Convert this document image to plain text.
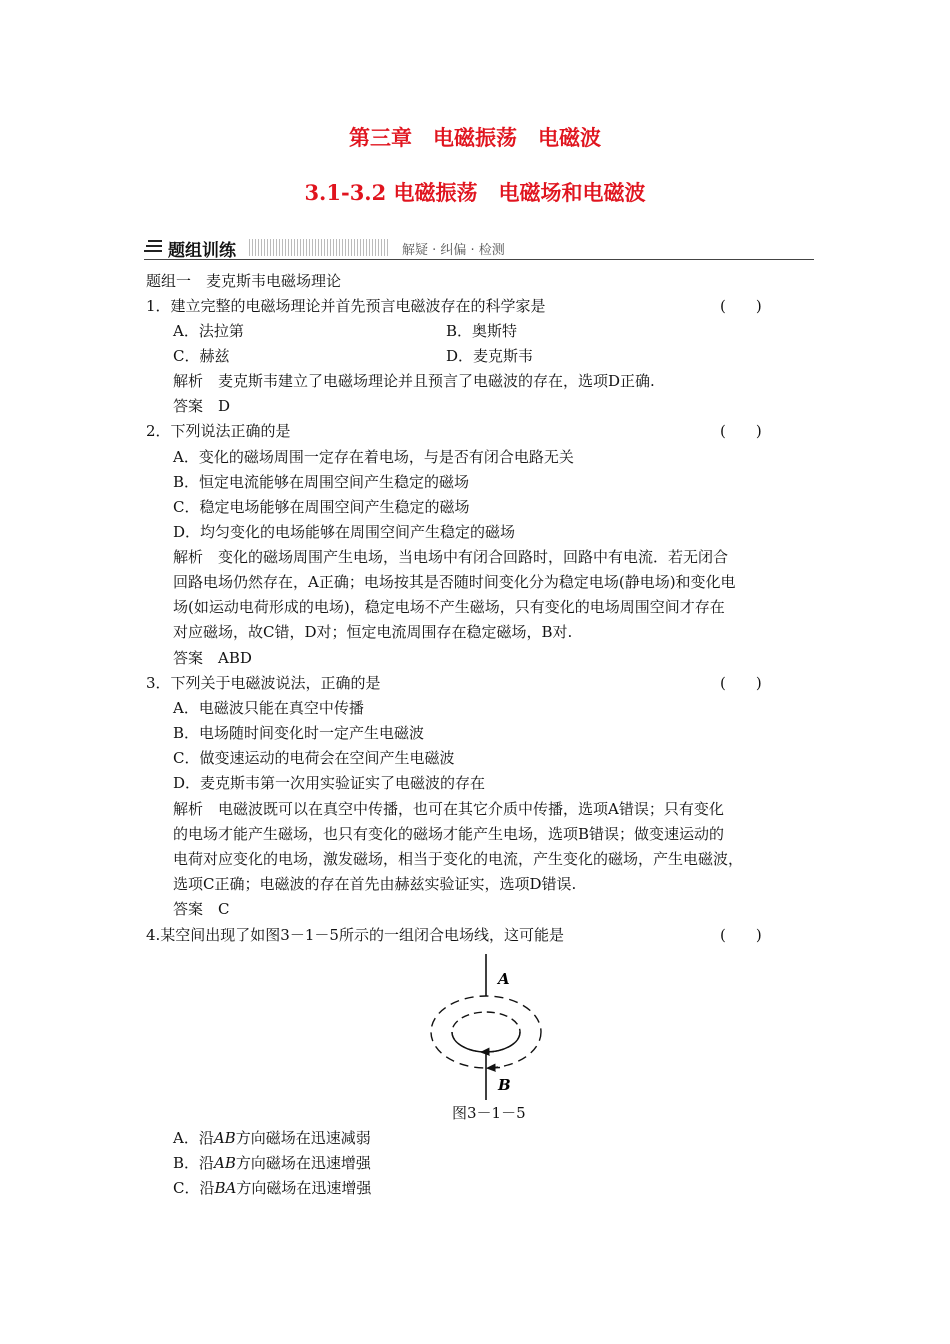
第三章　电磁振荡　电磁波
3.1-3.2 电磁振荡　电磁场和电磁波
题组训练	解疑 · 纠偏 · 检测
题组一　麦克斯韦电磁场理论
1．建立完整的电磁场理论并首先预言电磁波存在的科学家是	(　　)
A．法拉第	B．奥斯特
C．赫兹	D．麦克斯韦
解析　麦克斯韦建立了电磁场理论并且预言了电磁波的存在，选项D正确.
答案　D
2．下列说法正确的是	(　　)
A．变化的磁场周围一定存在着电场，与是否有闭合电路无关
B．恒定电流能够在周围空间产生稳定的磁场
C．稳定电场能够在周围空间产生稳定的磁场
D．均匀变化的电场能够在周围空间产生稳定的磁场
解析　变化的磁场周围产生电场，当电场中有闭合回路时，回路中有电流．若无闭合
回路电场仍然存在，A正确；电场按其是否随时间变化分为稳定电场(静电场)和变化电
场(如运动电荷形成的电场)，稳定电场不产生磁场，只有变化的电场周围空间才存在
对应磁场，故C错，D对；恒定电流周围存在稳定磁场，B对.
答案　ABD
3．下列关于电磁波说法，正确的是	(　　)
A．电磁波只能在真空中传播
B．电场随时间变化时一定产生电磁波
C．做变速运动的电荷会在空间产生电磁波
D．麦克斯韦第一次用实验证实了电磁波的存在
解析　电磁波既可以在真空中传播，也可在其它介质中传播，选项A错误；只有变化
的电场才能产生磁场，也只有变化的磁场才能产生电场，选项B错误；做变速运动的
电荷对应变化的电场，激发磁场，相当于变化的电流，产生变化的磁场，产生电磁波，
选项C正确；电磁波的存在首先由赫兹实验证实，选项D错误.
答案　C
4.某空间出现了如图3－1－5所示的一组闭合电场线，这可能是	(　　)
A
B
图3－1－5
A．沿AB方向磁场在迅速减弱
B．沿AB方向磁场在迅速增强
C．沿BA方向磁场在迅速增强
